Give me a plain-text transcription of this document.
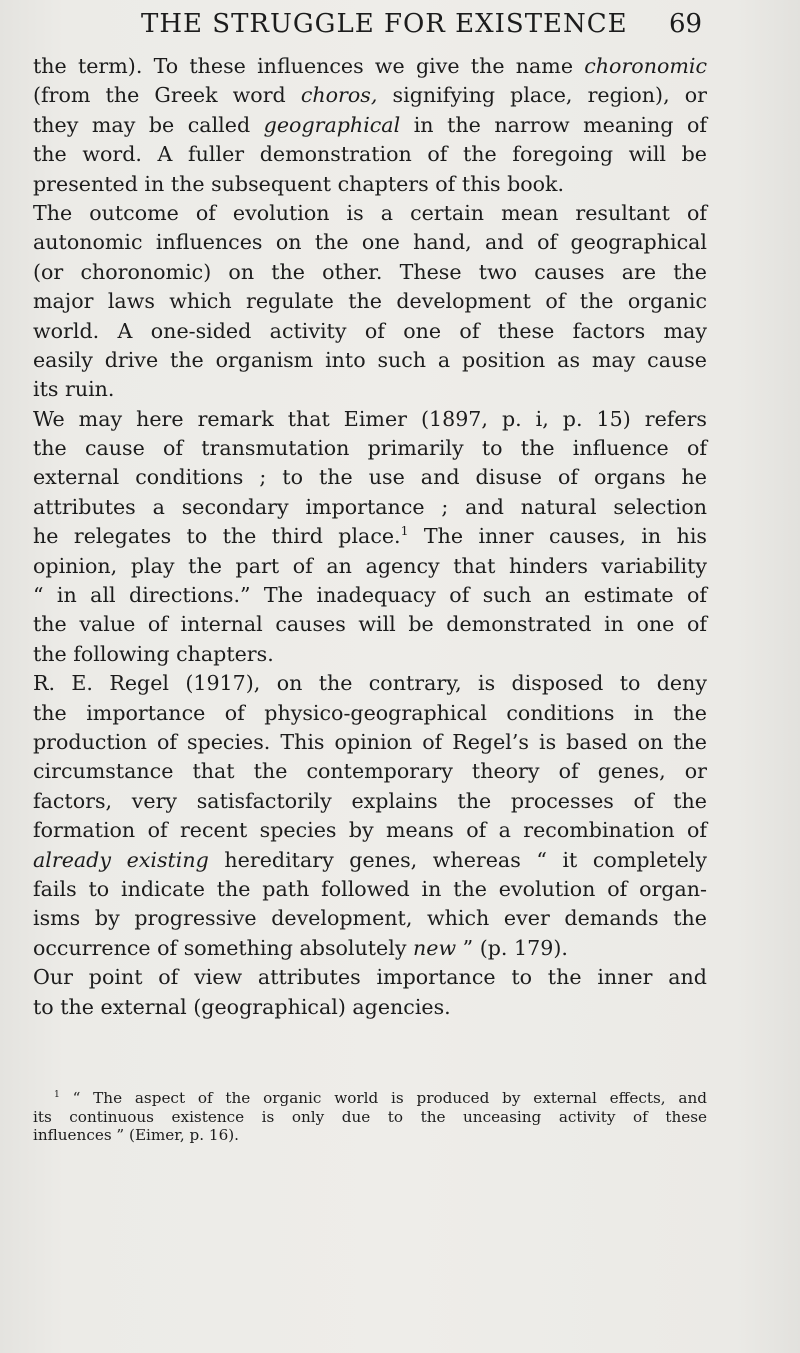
THE STRUGGLE FOR EXISTENCE 69
the term). To these influences we give the name choronomic
(from the Greek word choros, signifying place, region), or
they may be called geographical in the narrow meaning of
the word. A fuller demonstration of the foregoing will be
presented in the subsequent chapters of this book.
The outcome of evolution is a certain mean resultant of
autonomic influences on the one hand, and of geographical
(or choronomic) on the other. These two causes are the
major laws which regulate the development of the organic
world. A one-sided activity of one of these factors may
easily drive the organism into such a position as may cause
its ruin.
We may here remark that Eimer (1897, p. i, p. 15) refers
the cause of transmutation primarily to the influence of
external conditions ; to the use and disuse of organs he
attributes a secondary importance ; and natural selection
he relegates to the third place.$^1$ The inner causes, in his
opinion, play the part of an agency that hinders variability
“ in all directions.” The inadequacy of such an estimate of
the value of internal causes will be demonstrated in one of
the following chapters.
R. E. Regel (1917), on the contrary, is disposed to deny
the importance of physico-geographical conditions in the
production of species. This opinion of Regel’s is based on the
circumstance that the contemporary theory of genes, or
factors, very satisfactorily explains the processes of the
formation of recent species by means of a recombination of
already existing hereditary genes, whereas “ it completely
fails to indicate the path followed in the evolution of organ-
isms by progressive development, which ever demands the
occurrence of something absolutely new ” (p. 179).
Our point of view attributes importance to the inner and
to the external (geographical) agencies.
$^1$ “ The aspect of the organic world is produced by external effects, and
its continuous existence is only due to the unceasing activity of these
influences ” (Eimer, p. 16).
